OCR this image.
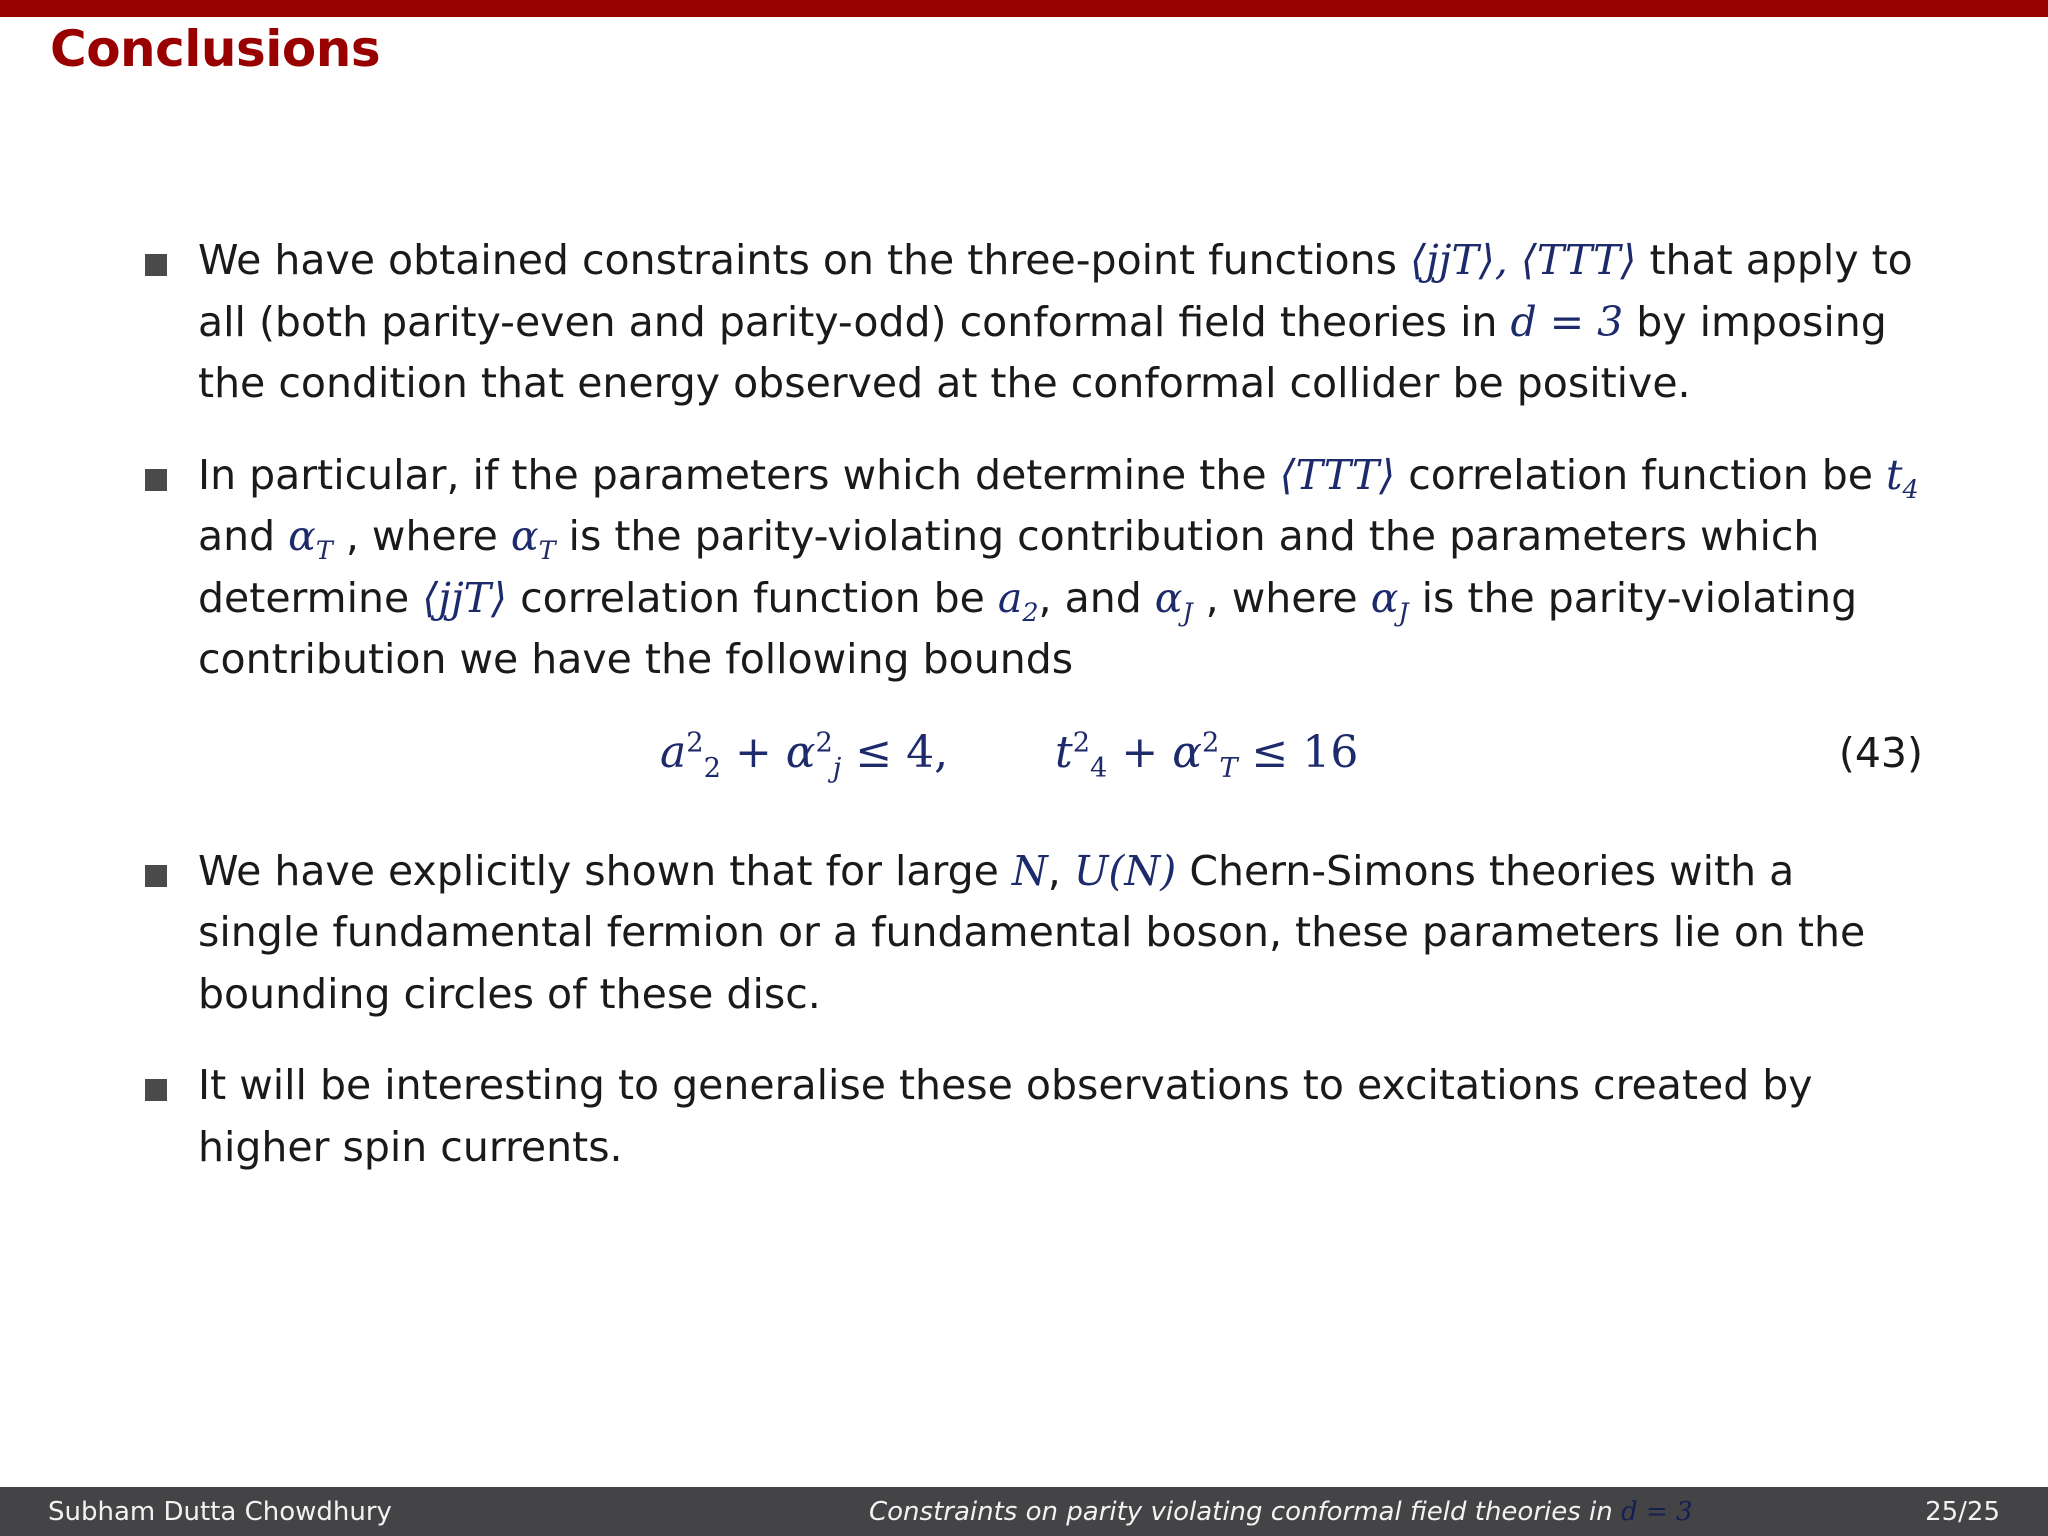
Conclusions
We have obtained constraints on the three-point functions ⟨jjT⟩, ⟨TTT⟩ that apply to all (both parity-even and parity-odd) conformal field theories in d = 3 by imposing the condition that energy observed at the conformal collider be positive.
In particular, if the parameters which determine the ⟨TTT⟩ correlation function be $t_4$ and $\alpha_T$ , where $\alpha_T$ is the parity-violating contribution and the parameters which determine ⟨jjT⟩ correlation function be $a_2$, and $\alpha_J$ , where $\alpha_J$ is the parity-violating contribution we have the following bounds
$a^2_2 + \alpha^2_j \le 4$, $t^2_4 + \alpha^2_T \le 16$	(43)
We have explicitly shown that for large N, U(N) Chern-Simons theories with a single fundamental fermion or a fundamental boson, these parameters lie on the bounding circles of these disc.
It will be interesting to generalise these observations to excitations created by higher spin currents.
Subham Dutta Chowdhury	Constraints on parity violating conformal field theories in d = 3	25/25
